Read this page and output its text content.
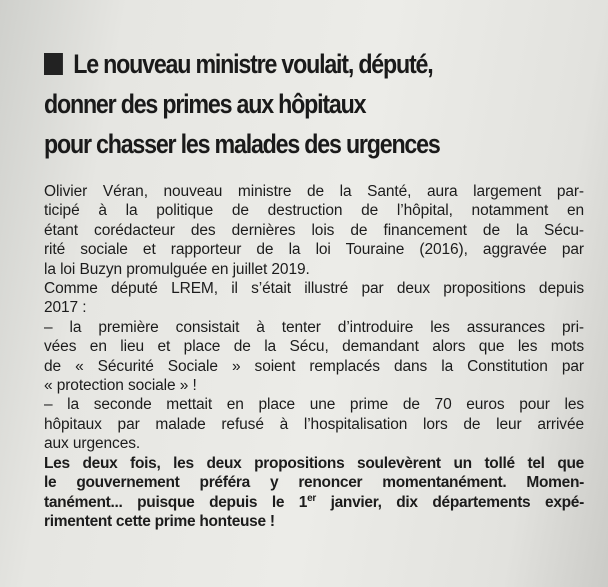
Le nouveau ministre voulait, député,
donner des primes aux hôpitaux
pour chasser les malades des urgences
Olivier Véran, nouveau ministre de la Santé, aura largement par-
ticipé à la politique de destruction de l’hôpital, notamment en
étant corédacteur des dernières lois de financement de la Sécu-
rité sociale et rapporteur de la loi Touraine (2016), aggravée par
la loi Buzyn promulguée en juillet 2019.
Comme député LREM, il s’était illustré par deux propositions depuis
2017 :
– la première consistait à tenter d’introduire les assurances pri-
vées en lieu et place de la Sécu, demandant alors que les mots
de « Sécurité Sociale » soient remplacés dans la Constitution par
« protection sociale » !
– la seconde mettait en place une prime de 70 euros pour les
hôpitaux par malade refusé à l’hospitalisation lors de leur arrivée
aux urgences.
Les deux fois, les deux propositions soulevèrent un tollé tel que
le gouvernement préféra y renoncer momentanément. Momen-
tanément... puisque depuis le 1er janvier, dix départements expé-
rimentent cette prime honteuse !
